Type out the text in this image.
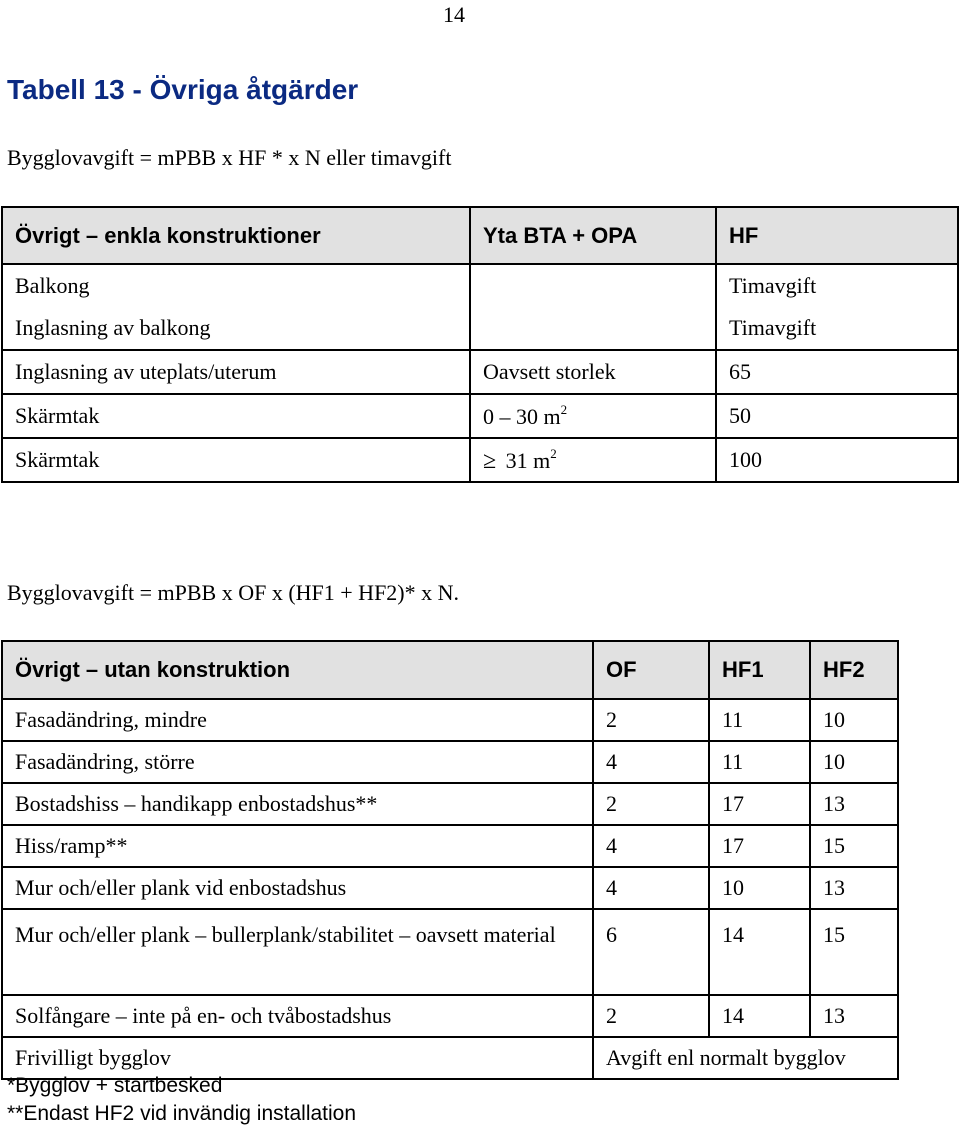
14
Tabell 13 - Övriga åtgärder

Bygglovavgift = mPBB x HF * x N eller timavgift

Övrigt – enkla konstruktioner	Yta BTA + OPA	HF
Balkong		Timavgift
Inglasning av balkong		Timavgift
Inglasning av uteplats/uterum	Oavsett storlek	65
Skärmtak	0 – 30 $m^2$	50
Skärmtak	≥ 31 $m^2$	100

Bygglovavgift = mPBB x OF x (HF1 + HF2)* x N.

Övrigt – utan konstruktion	OF	HF1	HF2
Fasadändring, mindre	2	11	10
Fasadändring, större	4	11	10
Bostadshiss – handikapp enbostadshus**	2	17	13
Hiss/ramp**	4	17	15
Mur och/eller plank vid enbostadshus	4	10	13
Mur och/eller plank – bullerplank/stabilitet – oavsett material	6	14	15
Solfångare – inte på en- och tvåbostadshus	2	14	13
Frivilligt bygglov	Avgift enl normalt bygglov		

*Bygglov + startbesked

**Endast HF2 vid invändig installation
